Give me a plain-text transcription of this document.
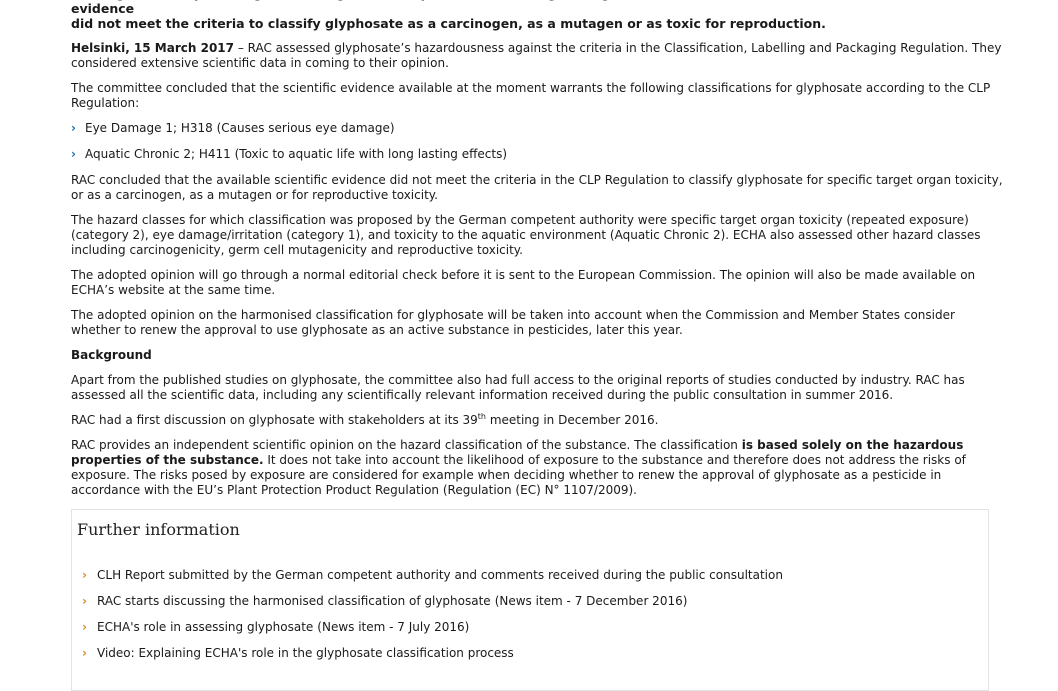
evidence
did not meet the criteria to classify glyphosate as a carcinogen, as a mutagen or as toxic for reproduction.

Helsinki, 15 March 2017 – RAC assessed glyphosate’s hazardousness against the criteria in the Classification, Labelling and Packaging Regulation. They considered extensive scientific data in coming to their opinion.

The committee concluded that the scientific evidence available at the moment warrants the following classifications for glyphosate according to the CLP Regulation:

› Eye Damage 1; H318 (Causes serious eye damage)
› Aquatic Chronic 2; H411 (Toxic to aquatic life with long lasting effects)

RAC concluded that the available scientific evidence did not meet the criteria in the CLP Regulation to classify glyphosate for specific target organ toxicity, or as a carcinogen, as a mutagen or for reproductive toxicity.

The hazard classes for which classification was proposed by the German competent authority were specific target organ toxicity (repeated exposure) (category 2), eye damage/irritation (category 1), and toxicity to the aquatic environment (Aquatic Chronic 2). ECHA also assessed other hazard classes including carcinogenicity, germ cell mutagenicity and reproductive toxicity.

The adopted opinion will go through a normal editorial check before it is sent to the European Commission. The opinion will also be made available on ECHA’s website at the same time.

The adopted opinion on the harmonised classification for glyphosate will be taken into account when the Commission and Member States consider whether to renew the approval to use glyphosate as an active substance in pesticides, later this year.

Background

Apart from the published studies on glyphosate, the committee also had full access to the original reports of studies conducted by industry. RAC has assessed all the scientific data, including any scientifically relevant information received during the public consultation in summer 2016.

RAC had a first discussion on glyphosate with stakeholders at its 39th meeting in December 2016.

RAC provides an independent scientific opinion on the hazard classification of the substance. The classification is based solely on the hazardous properties of the substance. It does not take into account the likelihood of exposure to the substance and therefore does not address the risks of exposure. The risks posed by exposure are considered for example when deciding whether to renew the approval of glyphosate as a pesticide in accordance with the EU’s Plant Protection Product Regulation (Regulation (EC) N° 1107/2009).

Further information
› CLH Report submitted by the German competent authority and comments received during the public consultation
› RAC starts discussing the harmonised classification of glyphosate (News item - 7 December 2016)
› ECHA's role in assessing glyphosate (News item - 7 July 2016)
› Video: Explaining ECHA's role in the glyphosate classification process
